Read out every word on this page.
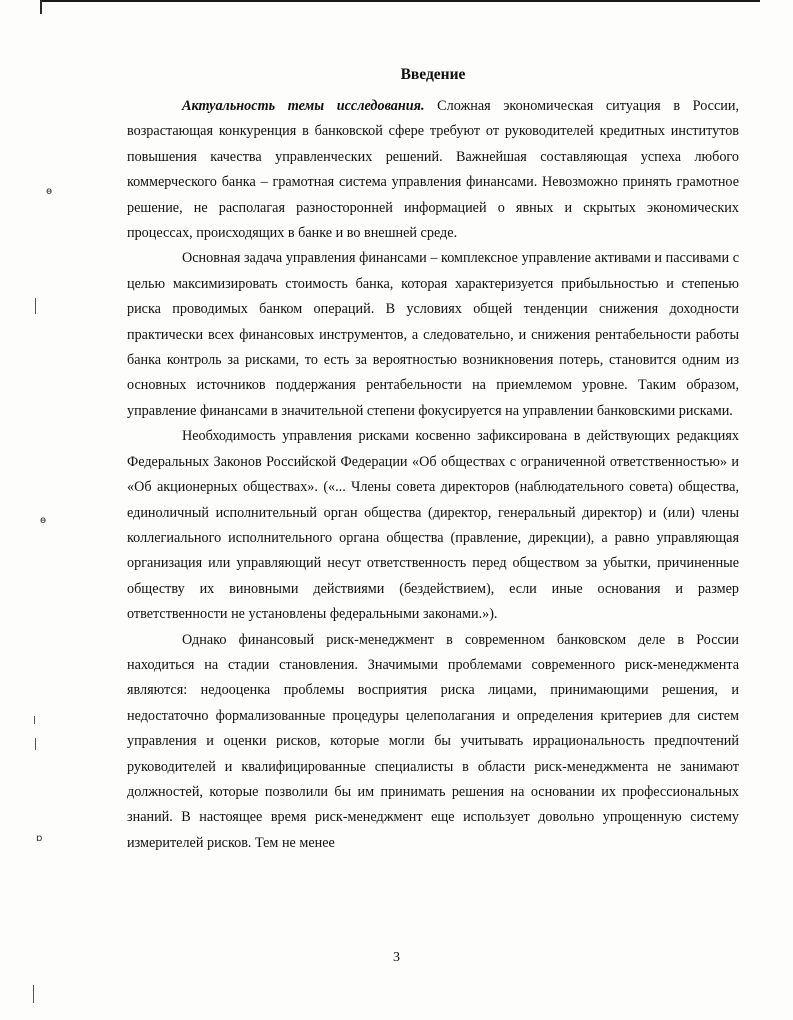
ɵ
ɵ
ɒ
Введение

Актуальность темы исследования. Сложная экономическая ситуация в России, возрастающая конкуренция в банковской сфере требуют от руководителей кредитных институтов повышения качества управленческих решений. Важнейшая составляющая успеха любого коммерческого банка – грамотная система управления финансами. Невозможно принять грамотное решение, не располагая разносторонней информацией о явных и скрытых экономических процессах, происходящих в банке и во внешней среде.

Основная задача управления финансами – комплексное управление активами и пассивами с целью максимизировать стоимость банка, которая характеризуется прибыльностью и степенью риска проводимых банком операций. В условиях общей тенденции снижения доходности практически всех финансовых инструментов, а следовательно, и снижения рентабельности работы банка контроль за рисками, то есть за вероятностью возникновения потерь, становится одним из основных источников поддержания рентабельности на приемлемом уровне. Таким образом, управление финансами в значительной степени фокусируется на управлении банковскими рисками.

Необходимость управления рисками косвенно зафиксирована в действующих редакциях Федеральных Законов Российской Федерации «Об обществах с ограниченной ответственностью» и «Об акционерных обществах». («... Члены совета директоров (наблюдательного совета) общества, единоличный исполнительный орган общества (директор, генеральный директор) и (или) члены коллегиального исполнительного органа общества (правление, дирекции), а равно управляющая организация или управляющий несут ответственность перед обществом за убытки, причиненные обществу их виновными действиями (бездействием), если иные основания и размер ответственности не установлены федеральными законами.»).

Однако финансовый риск-менеджмент в современном банковском деле в России находиться на стадии становления. Значимыми проблемами современного риск-менеджмента являются: недооценка проблемы восприятия риска лицами, принимающими решения, и недостаточно формализованные процедуры целеполагания и определения критериев для систем управления и оценки рисков, которые могли бы учитывать иррациональность предпочтений руководителей и квалифицированные специалисты в области риск-менеджмента не занимают должностей, которые позволили бы им принимать решения на основании их профессиональных знаний. В настоящее время риск-менеджмент еще использует довольно упрощенную систему измерителей рисков. Тем не менее

3
